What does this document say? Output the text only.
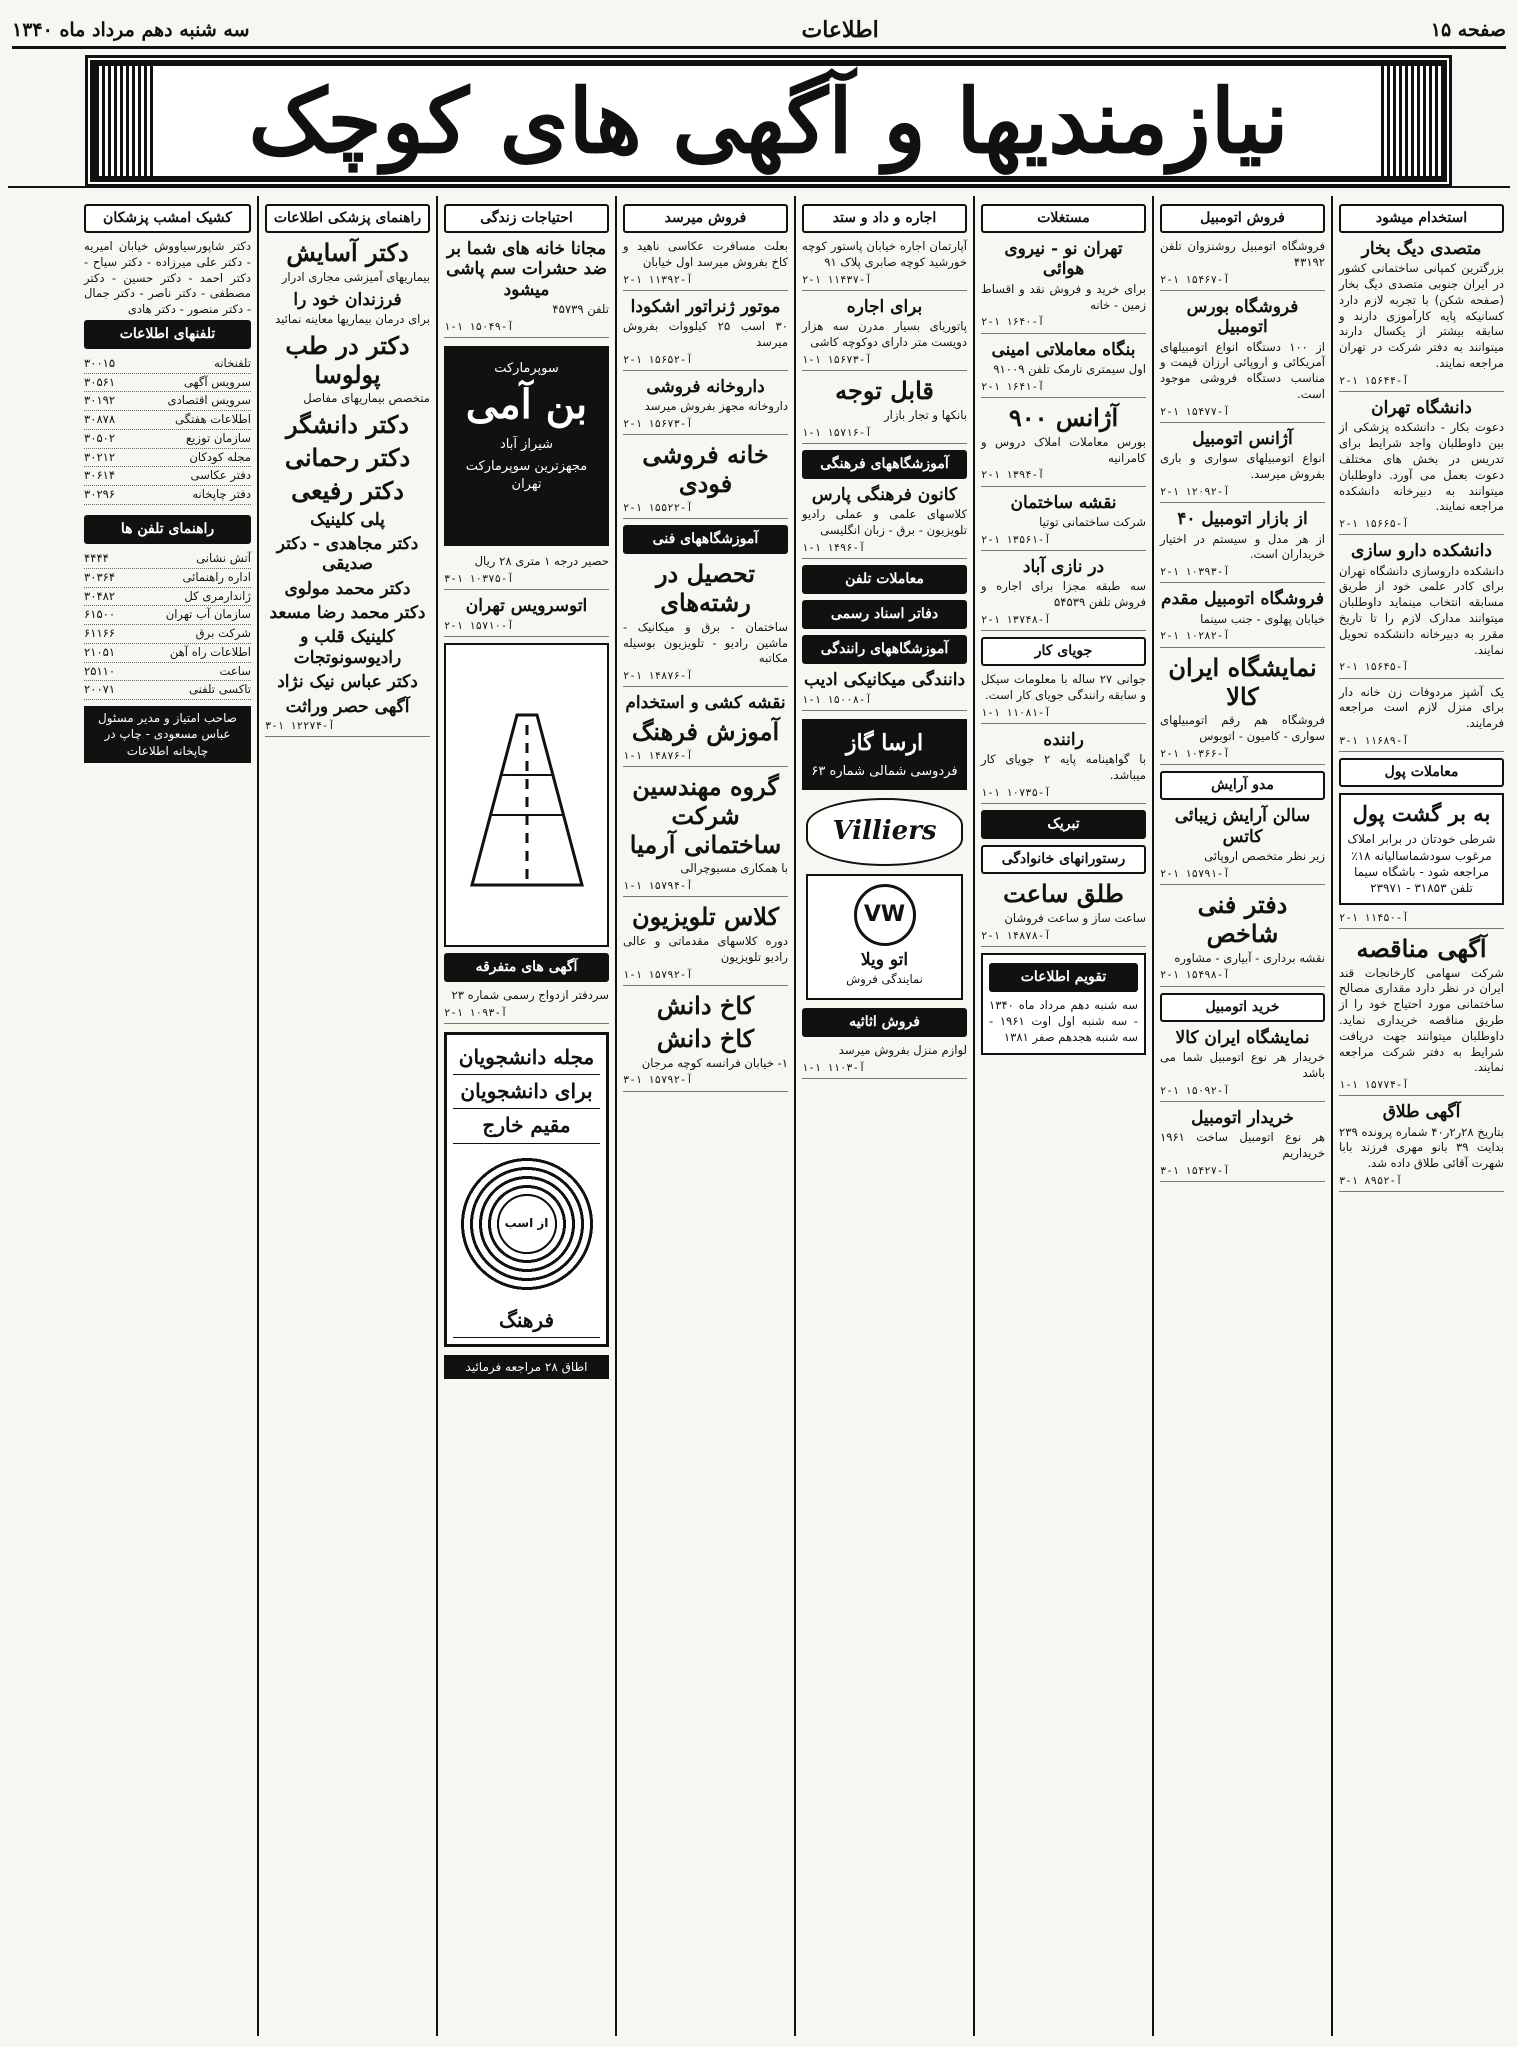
صفحه ۱۵
اطلاعات
سه شنبه دهم مرداد ماه ۱۳۴۰
نیازمندیها و آگهی های کوچک
استخدام میشود
متصدی دیگ بخار
بزرگترین کمپانی ساختمانی کشور در ایران جنوبی متصدی دیگ بخار (صفحه شکن) با تجربه لازم دارد کسانیکه پایه کارآموزی دارند و سابقه بیشتر از یکسال دارند میتوانند به دفتر شرکت در تهران مراجعه نمایند.
۲-۱ آ-۱۵۶۴۴
دانشگاه تهران
دعوت بکار - دانشکده پزشکی از بین داوطلبان واجد شرایط برای تدریس در بخش های مختلف دعوت بعمل می آورد. داوطلبان میتوانند به دبیرخانه دانشکده مراجعه نمایند.
۲-۱ آ-۱۵۶۶۵
دانشکده دارو سازی
دانشکده داروسازی دانشگاه تهران برای کادر علمی خود از طریق مسابقه انتخاب مینماید داوطلبان میتوانند مدارک لازم را تا تاریخ مقرر به دبیرخانه دانشکده تحویل نمایند.
۲-۱ آ-۱۵۶۴۵
یک آشپز مردوفات زن خانه دار برای منزل لازم است مراجعه فرمایند.
۳-۱ آ-۱۱۶۸۹
معاملات پول
به بر گشت پول
شرطی خودتان در برابر املاک مرغوب سودشماسالیانه ۱۸٪ مراجعه شود - باشگاه سیما تلفن ۳۱۸۵۳ - ۲۳۹۷۱
۲-۱ آ-۱۱۴۵۰
آگهی مناقصه
شرکت سهامی کارخانجات قند ایران در نظر دارد مقداری مصالح ساختمانی مورد احتیاج خود را از طریق مناقصه خریداری نماید. داوطلبان میتوانند جهت دریافت شرایط به دفتر شرکت مراجعه نمایند.
۱-۱ آ-۱۵۷۷۴
آگهی طلاق
بتاریخ ۲۸ر۲ر۴۰ شماره پرونده ۲۳۹ بدایت ۳۹ بانو مهری فرزند بابا شهرت آقائی طلاق داده شد.
۳-۱ آ-۸۹۵۲
فروش اتومبیل
فروشگاه اتومبیل روشنزوان تلفن ۴۳۱۹۲
۲-۱ آ-۱۵۴۶۷
فروشگاه بورس اتومبیل
از ۱۰۰ دستگاه انواع اتومبیلهای آمریکائی و اروپائی ارزان قیمت و مناسب دستگاه فروشی موجود است.
۲-۱ آ-۱۵۴۷۷
آژانس اتومبیل
انواع اتومبیلهای سواری و باری بفروش میرسد.
۲-۱ آ-۱۲۰۹۲
از بازار اتومبیل ۴۰
از هر مدل و سیستم در اختیار خریداران است.
۲-۱ آ-۱۰۳۹۳
فروشگاه اتومبیل مقدم
خیابان پهلوی - جنب سینما
۲-۱ آ-۱۰۲۸۲
نمایشگاه ایران کالا
فروشگاه هم رقم اتومبیلهای سواری - کامیون - اتوبوس
۲-۱ آ-۱۰۳۶۶
مدو آرایش
سالن آرایش زیبائی کاتس
زیر نظر متخصص اروپائی
۲-۱ آ-۱۵۷۹۱
دفتر فنی شاخص
نقشه برداری - آبیاری - مشاوره
۲-۱ آ-۱۵۴۹۸
خرید اتومبیل
نمایشگاه ایران کالا
خریدار هر نوع اتومبیل شما می باشد
۲-۱ آ-۱۵۰۹۲
خریدار اتومبیل
هر نوع اتومبیل ساخت ۱۹۶۱ خریداریم
۳-۱ آ-۱۵۴۲۷
مستغلات
تهران نو - نیروی هوائی
برای خرید و فروش نقد و اقساط زمین - خانه
۲-۱ آ-۱۶۴۰
بنگاه معاملاتی امینی
اول سیمتری نارمک تلفن ۹۱۰۰۹
۲-۱ آ-۱۶۴۱
آژانس ۹۰۰
بورس معاملات املاک دروس و کامرانیه
۲-۱ آ-۱۳۹۴
نقشه ساختمان
شرکت ساختمانی توتیا
۲-۱ آ-۱۳۵۶۱
در نازی آباد
سه طبقه مجزا برای اجاره و فروش تلفن ۵۴۵۳۹
۲-۱ آ-۱۳۷۴۸
جویای کار
جوانی ۲۷ ساله با معلومات سیکل و سابقه رانندگی جویای کار است.
۱-۱ آ-۱۱۰۸۱
راننده
با گواهینامه پایه ۲ جویای کار میباشد.
۱-۱ آ-۱۰۷۳۵
تبریک
رستورانهای خانوادگی
طلق ساعت
ساعت ساز و ساعت فروشان
۲-۱ آ-۱۴۸۷۸
تقویم اطلاعات
سه شنبه دهم مرداد ماه ۱۳۴۰ - سه شنبه اول اوت ۱۹۶۱ - سه شنبه هجدهم صفر ۱۳۸۱
اجاره و داد و ستد
آپارتمان اجاره خیابان پاستور کوچه خورشید کوچه صابری پلاک ۹۱
۲-۱ آ-۱۱۴۳۷
برای اجاره
پاتوریای بسیار مدرن سه هزار دویست متر دارای دوکوچه کاشی
۱-۱ آ-۱۵۶۷۳
قابل توجه
بانکها و تجار بازار
۱-۱ آ-۱۵۷۱۶
آموزشگاههای فرهنگی
کانون فرهنگی پارس
کلاسهای علمی و عملی رادیو تلویزیون - برق - زبان انگلیسی
۱-۱ آ-۱۴۹۶
معاملات تلفن
دفاتر اسناد رسمی
آموزشگاههای رانندگی
دانندگی میکانیکی ادیب
۱-۱ آ-۱۵۰۰۸
ارسا گاز
فردوسی شمالی شماره ۶۳
Villiers
VW
اتو ویلا
نمایندگی فروش
فروش اثاثیه
لوازم منزل بفروش میرسد
۱-۱ آ-۱۱۰۳
فروش میرسد
بعلت مسافرت عکاسی ناهید و کاخ بفروش میرسد اول خیابان
۲-۱ آ-۱۱۳۹۲
موتور ژنراتور اشکودا
۳۰ اسب ۲۵ کیلووات بفروش میرسد
۲-۱ آ-۱۵۶۵۲
داروخانه فروشی
داروخانه مجهز بفروش میرسد
۲-۱ آ-۱۵۶۷۳
خانه فروشی فودی
۲-۱ آ-۱۵۵۲۲
آموزشگاههای فنی
تحصیل در رشته‌های
ساختمان - برق و میکانیک - ماشین رادیو - تلویزیون بوسیله مکاتبه
۲-۱ آ-۱۴۸۷۶
نقشه کشی و استخدام
آموزش فرهنگ
۱-۱ آ-۱۴۸۷۶
گروه مهندسین شرکت ساختمانی آرمیا
با همکاری مسیوچرالی
۱-۱ آ-۱۵۷۹۴
کلاس تلویزیون
دوره کلاسهای مقدماتی و عالی رادیو تلویزیون
۱-۱ آ-۱۵۷۹۲
کاخ دانش
کاخ دانش
۱- خیابان فرانسه کوچه مرجان
۳-۱ آ-۱۵۷۹۲
احتیاجات زندگی
مجانا خانه های شما بر ضد حشرات سم پاشی میشود
تلفن ۴۵۷۳۹
۱-۱ آ-۱۵۰۴۹
سوپرمارکت
بن آمی
شیراز آباد
مجهزترین سوپرمارکت تهران
حصیر درجه ۱ متری ۲۸ ریال
۳-۱ آ-۱۰۳۷۵
اتوسرویس تهران
۲-۱ آ-۱۵۷۱۰
آگهی های متفرقه
سردفتر ازدواج رسمی شماره ۲۳
۲-۱ آ-۱۰۹۳
مجله دانشجویان
برای دانشجویان
مقیم خارج
از اسب
فرهنگ
اطاق ۲۸ مراجعه فرمائید
راهنمای پزشکی اطلاعات
دکتر آسایش
بیماریهای آمیزشی مجاری ادرار
فرزندان خود را
برای درمان بیماریها معاینه نمائید
دکتر در طب پولوسا
متخصص بیماریهای مفاصل
دکتر دانشگر
دکتر رحمانی
دکتر رفیعی
پلی کلینیک
دکتر مجاهدی - دکتر صدیقی
دکتر محمد مولوی
دکتر محمد رضا مسعد
کلینیک قلب و رادیوسونوتجات
دکتر عباس نیک نژاد
آگهی حصر وراثت
۳-۱ آ-۱۲۲۷۴
کشیک امشب پزشکان
دکتر شاپورسیاووش خیابان امیریه - دکتر علی میرزاده - دکتر سیاح - دکتر احمد - دکتر حسین - دکتر مصطفی - دکتر ناصر - دکتر جمال - دکتر منصور - دکتر هادی
تلفنهای اطلاعات
تلفنخانه
۳۰۰۱۵
سرویس آگهی
۳۰۵۶۱
سرویس اقتصادی
۳۰۱۹۲
اطلاعات هفتگی
۳۰۸۷۸
سازمان توزیع
۳۰۵۰۲
مجله کودکان
۳۰۲۱۲
دفتر عکاسی
۳۰۶۱۴
دفتر چاپخانه
۳۰۲۹۶
راهنمای تلفن ها
آتش نشانی
۴۴۴۴
اداره راهنمائی
۳۰۳۶۴
ژاندارمری کل
۳۰۴۸۲
سازمان آب تهران
۶۱۵۰۰
شرکت برق
۶۱۱۶۶
اطلاعات راه آهن
۲۱۰۵۱
ساعت
۲۵۱۱۰
تاکسی تلفنی
۲۰۰۷۱
صاحب امتیاز و مدیر مسئول عباس مسعودی - چاپ در چاپخانه اطلاعات
